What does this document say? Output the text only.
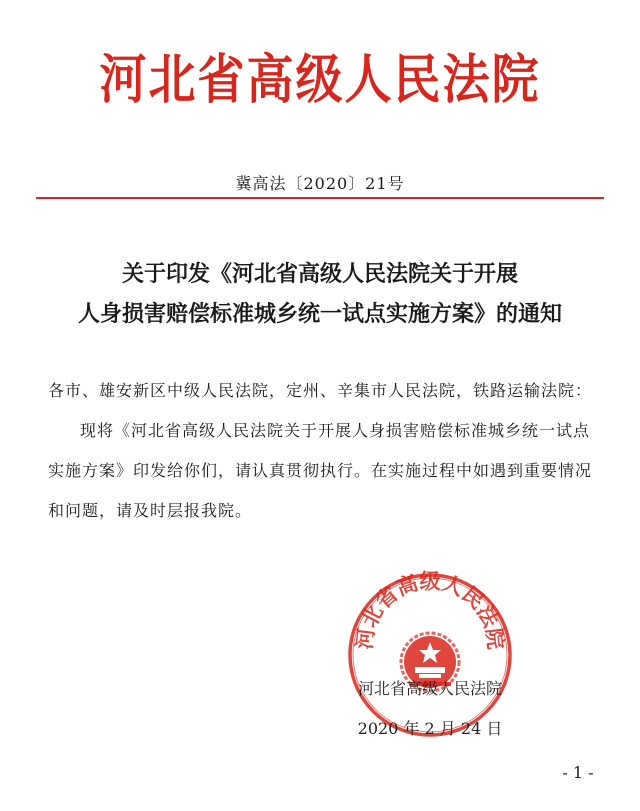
河北省高级人民法院
冀高法〔2020〕21号
关于印发《河北省高级人民法院关于开展
人身损害赔偿标准城乡统一试点实施方案》的通知

各市、雄安新区中级人民法院，定州、辛集市人民法院，铁路运输法院：

现将《河北省高级人民法院关于开展人身损害赔偿标准城乡统一试点实施方案》印发给你们，请认真贯彻执行。在实施过程中如遇到重要情况和问题，请及时层报我院。

河北省高级人民法院
河北省高级人民法院
2020 年 2 月 24 日
- 1 -
